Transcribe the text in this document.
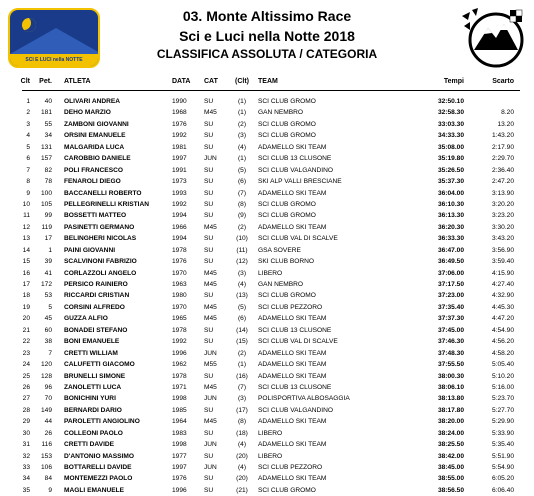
SCI E LUCI nella NOTTE
03. Monte Altissimo Race
Sci e Luci nella Notte 2018
CLASSIFICA ASSOLUTA / CATEGORIA
Clt	Pet. ATLETA	DATA CAT	(Clt)	TEAM	Tempi	Scarto
1	40 OLIVARI ANDREA	1990	SU	(1)	SCI CLUB GROMO	32:50.10
2	181 DEHO MARZIO	1968	M45	(1)	GAN NEMBRO	32:58.30	8.20
3	55 ZAMBONI GIOVANNI	1976	SU	(2)	SCI CLUB GROMO	33:03.30	13.20
4	34 ORSINI EMANUELE	1992	SU	(3)	SCI CLUB GROMO	34:33.30	1:43.20
5	131 MALGARIDA LUCA	1981	SU	(4)	ADAMELLO SKI TEAM	35:08.00	2:17.90
6	157 CAROBBIO DANIELE	1997	JUN	(1)	SCI CLUB 13 CLUSONE	35:19.80	2:29.70
7	82 POLI FRANCESCO	1991	SU	(5)	SCI CLUB VALGANDINO	35:26.50	2:36.40
8	78 FENAROLI DIEGO	1973	SU	(6)	SKI ALP VALLI BRESCIANE	35:37.30	2:47.20
9	100 BACCANELLI ROBERTO	1993	SU	(7)	ADAMELLO SKI TEAM	36:04.00	3:13.90
10	105 PELLEGRINELLI KRISTIAN	1992	SU	(8)	SCI CLUB GROMO	36:10.30	3:20.20
11	99 BOSSETTI MATTEO	1994	SU	(9)	SCI CLUB GROMO	36:13.30	3:23.20
12	119 PASINETTI GERMANO	1966	M45	(2)	ADAMELLO SKI TEAM	36:20.30	3:30.20
13	17 BELINGHERI NICOLAS	1994	SU	(10)	SCI CLUB VAL DI SCALVE	36:33.30	3:43.20
14	1 PAINI GIOVANNI	1978	SU	(11)	GSA SOVERE	36:47.00	3:56.90
15	39 SCALVINONI FABRIZIO	1976	SU	(12)	SKI CLUB BORNO	36:49.50	3:59.40
16	41 CORLAZZOLI ANGELO	1970	M45	(3)	LIBERO	37:06.00	4:15.90
17	172 PERSICO RAINIERO	1963	M45	(4)	GAN NEMBRO	37:17.50	4:27.40
18	53 RICCARDI CRISTIAN	1980	SU	(13)	SCI CLUB GROMO	37:23.00	4:32.90
19	5 CORSINI ALFREDO	1970	M45	(5)	SCI CLUB PEZZORO	37:35.40	4:45.30
20	45 GUZZA ALFIO	1965	M45	(6)	ADAMELLO SKI TEAM	37:37.30	4:47.20
21	60 BONADEI STEFANO	1978	SU	(14)	SCI CLUB 13 CLUSONE	37:45.00	4:54.90
22	38 BONI EMANUELE	1992	SU	(15)	SCI CLUB VAL DI SCALVE	37:46.30	4:56.20
23	7 CRETTI WILLIAM	1996	JUN	(2)	ADAMELLO SKI TEAM	37:48.30	4:58.20
24	120 CALUFETTI GIACOMO	1962	M55	(1)	ADAMELLO SKI TEAM	37:55.50	5:05.40
25	128 BRUNELLI SIMONE	1978	SU	(16)	ADAMELLO SKI TEAM	38:00.30	5:10.20
26	96 ZANOLETTI LUCA	1971	M45	(7)	SCI CLUB 13 CLUSONE	38:06.10	5:16.00
27	70 BONICHINI YURI	1998	JUN	(3)	POLISPORTIVA ALBOSAGGIA	38:13.80	5:23.70
28	149 BERNARDI DARIO	1985	SU	(17)	SCI CLUB VALGANDINO	38:17.80	5:27.70
29	44 PAROLETTI ANGIOLINO	1964	M45	(8)	ADAMELLO SKI TEAM	38:20.00	5:29.90
30	26 COLLEONI PAOLO	1983	SU	(18)	LIBERO	38:24.00	5:33.90
31	116 CRETTI DAVIDE	1998	JUN	(4)	ADAMELLO SKI TEAM	38:25.50	5:35.40
32	153 D'ANTONIO MASSIMO	1977	SU	(20)	LIBERO	38:42.00	5:51.90
33	106 BOTTARELLI DAVIDE	1997	JUN	(4)	SCI CLUB PEZZORO	38:45.00	5:54.90
34	84 MONTEMEZZI PAOLO	1976	SU	(20)	ADAMELLO SKI TEAM	38:55.00	6:05.20
35	9 MAGLI EMANUELE	1996	SU	(21)	SCI CLUB GROMO	38:56.50	6:06.40
